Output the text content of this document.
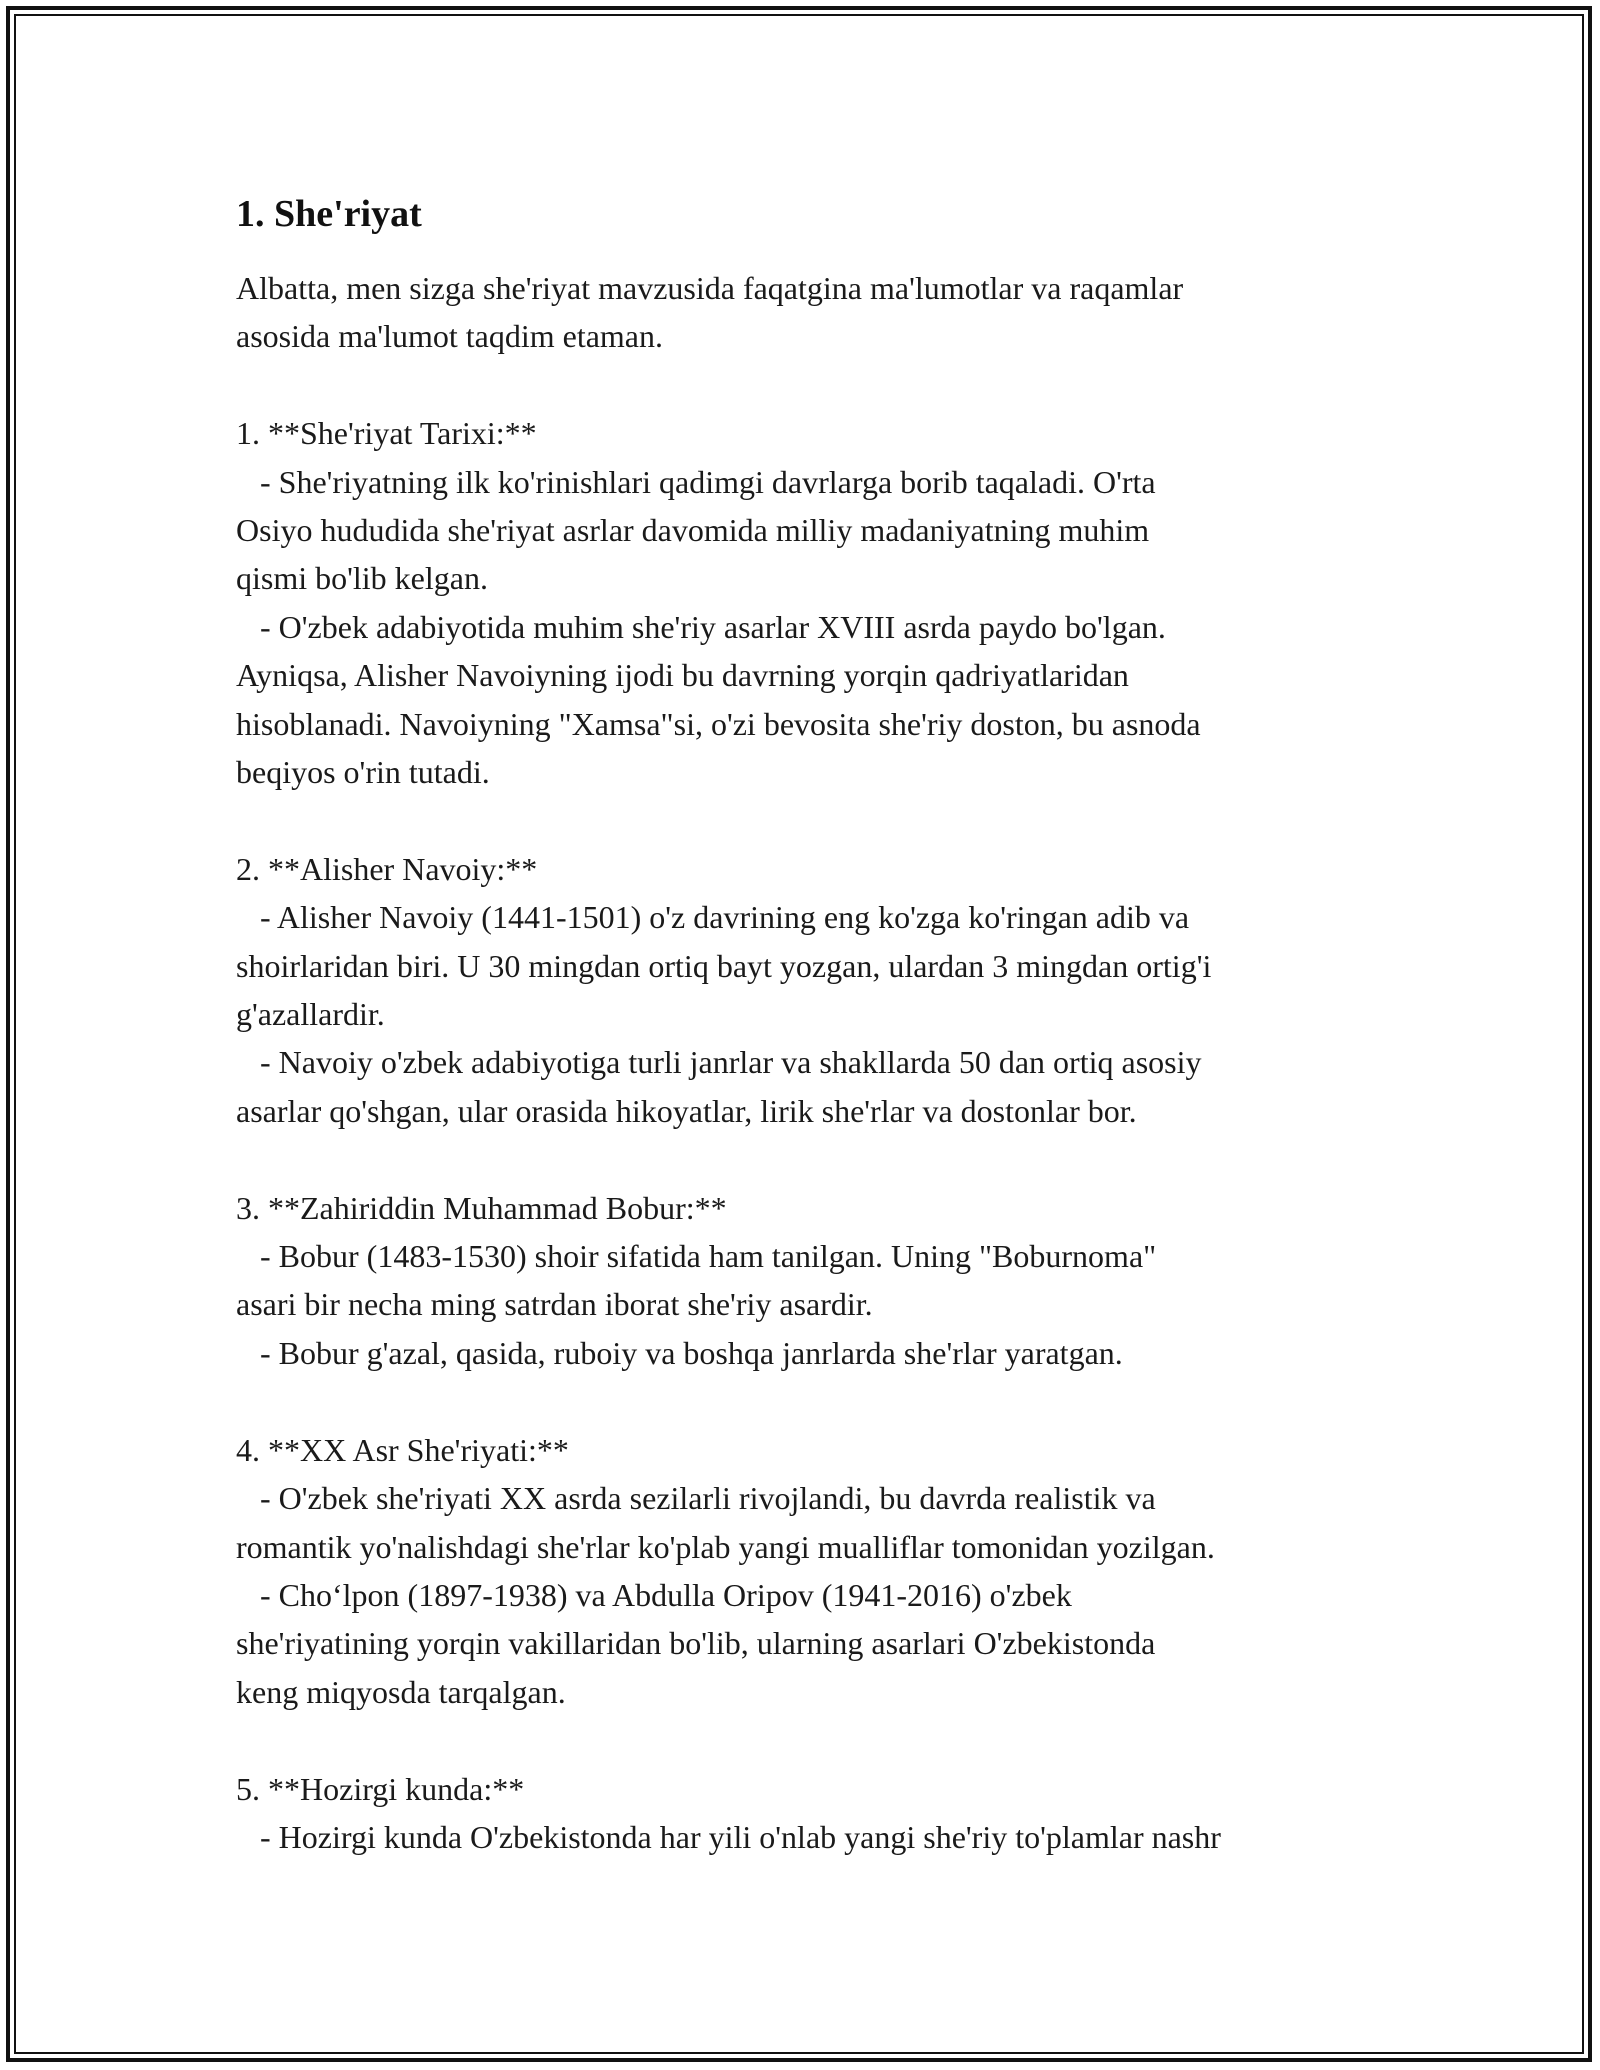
1. She'riyat
Albatta, men sizga she'riyat mavzusida faqatgina ma'lumotlar va raqamlar
asosida ma'lumot taqdim etaman.
1. **She'riyat Tarixi:**
- She'riyatning ilk ko'rinishlari qadimgi davrlarga borib taqaladi. O'rta
Osiyo hududida she'riyat asrlar davomida milliy madaniyatning muhim
qismi bo'lib kelgan.
- O'zbek adabiyotida muhim she'riy asarlar XVIII asrda paydo bo'lgan.
Ayniqsa, Alisher Navoiyning ijodi bu davrning yorqin qadriyatlaridan
hisoblanadi. Navoiyning "Xamsa"si, o'zi bevosita she'riy doston, bu asnoda
beqiyos o'rin tutadi.
2. **Alisher Navoiy:**
- Alisher Navoiy (1441-1501) o'z davrining eng ko'zga ko'ringan adib va
shoirlaridan biri. U 30 mingdan ortiq bayt yozgan, ulardan 3 mingdan ortig'i
g'azallardir.
- Navoiy o'zbek adabiyotiga turli janrlar va shakllarda 50 dan ortiq asosiy
asarlar qo'shgan, ular orasida hikoyatlar, lirik she'rlar va dostonlar bor.
3. **Zahiriddin Muhammad Bobur:**
- Bobur (1483-1530) shoir sifatida ham tanilgan. Uning "Boburnoma"
asari bir necha ming satrdan iborat she'riy asardir.
- Bobur g'azal, qasida, ruboiy va boshqa janrlarda she'rlar yaratgan.
4. **XX Asr She'riyati:**
- O'zbek she'riyati XX asrda sezilarli rivojlandi, bu davrda realistik va
romantik yo'nalishdagi she'rlar ko'plab yangi mualliflar tomonidan yozilgan.
- Choʻlpon (1897-1938) va Abdulla Oripov (1941-2016) o'zbek
she'riyatining yorqin vakillaridan bo'lib, ularning asarlari O'zbekistonda
keng miqyosda tarqalgan.
5. **Hozirgi kunda:**
- Hozirgi kunda O'zbekistonda har yili o'nlab yangi she'riy to'plamlar nashr
